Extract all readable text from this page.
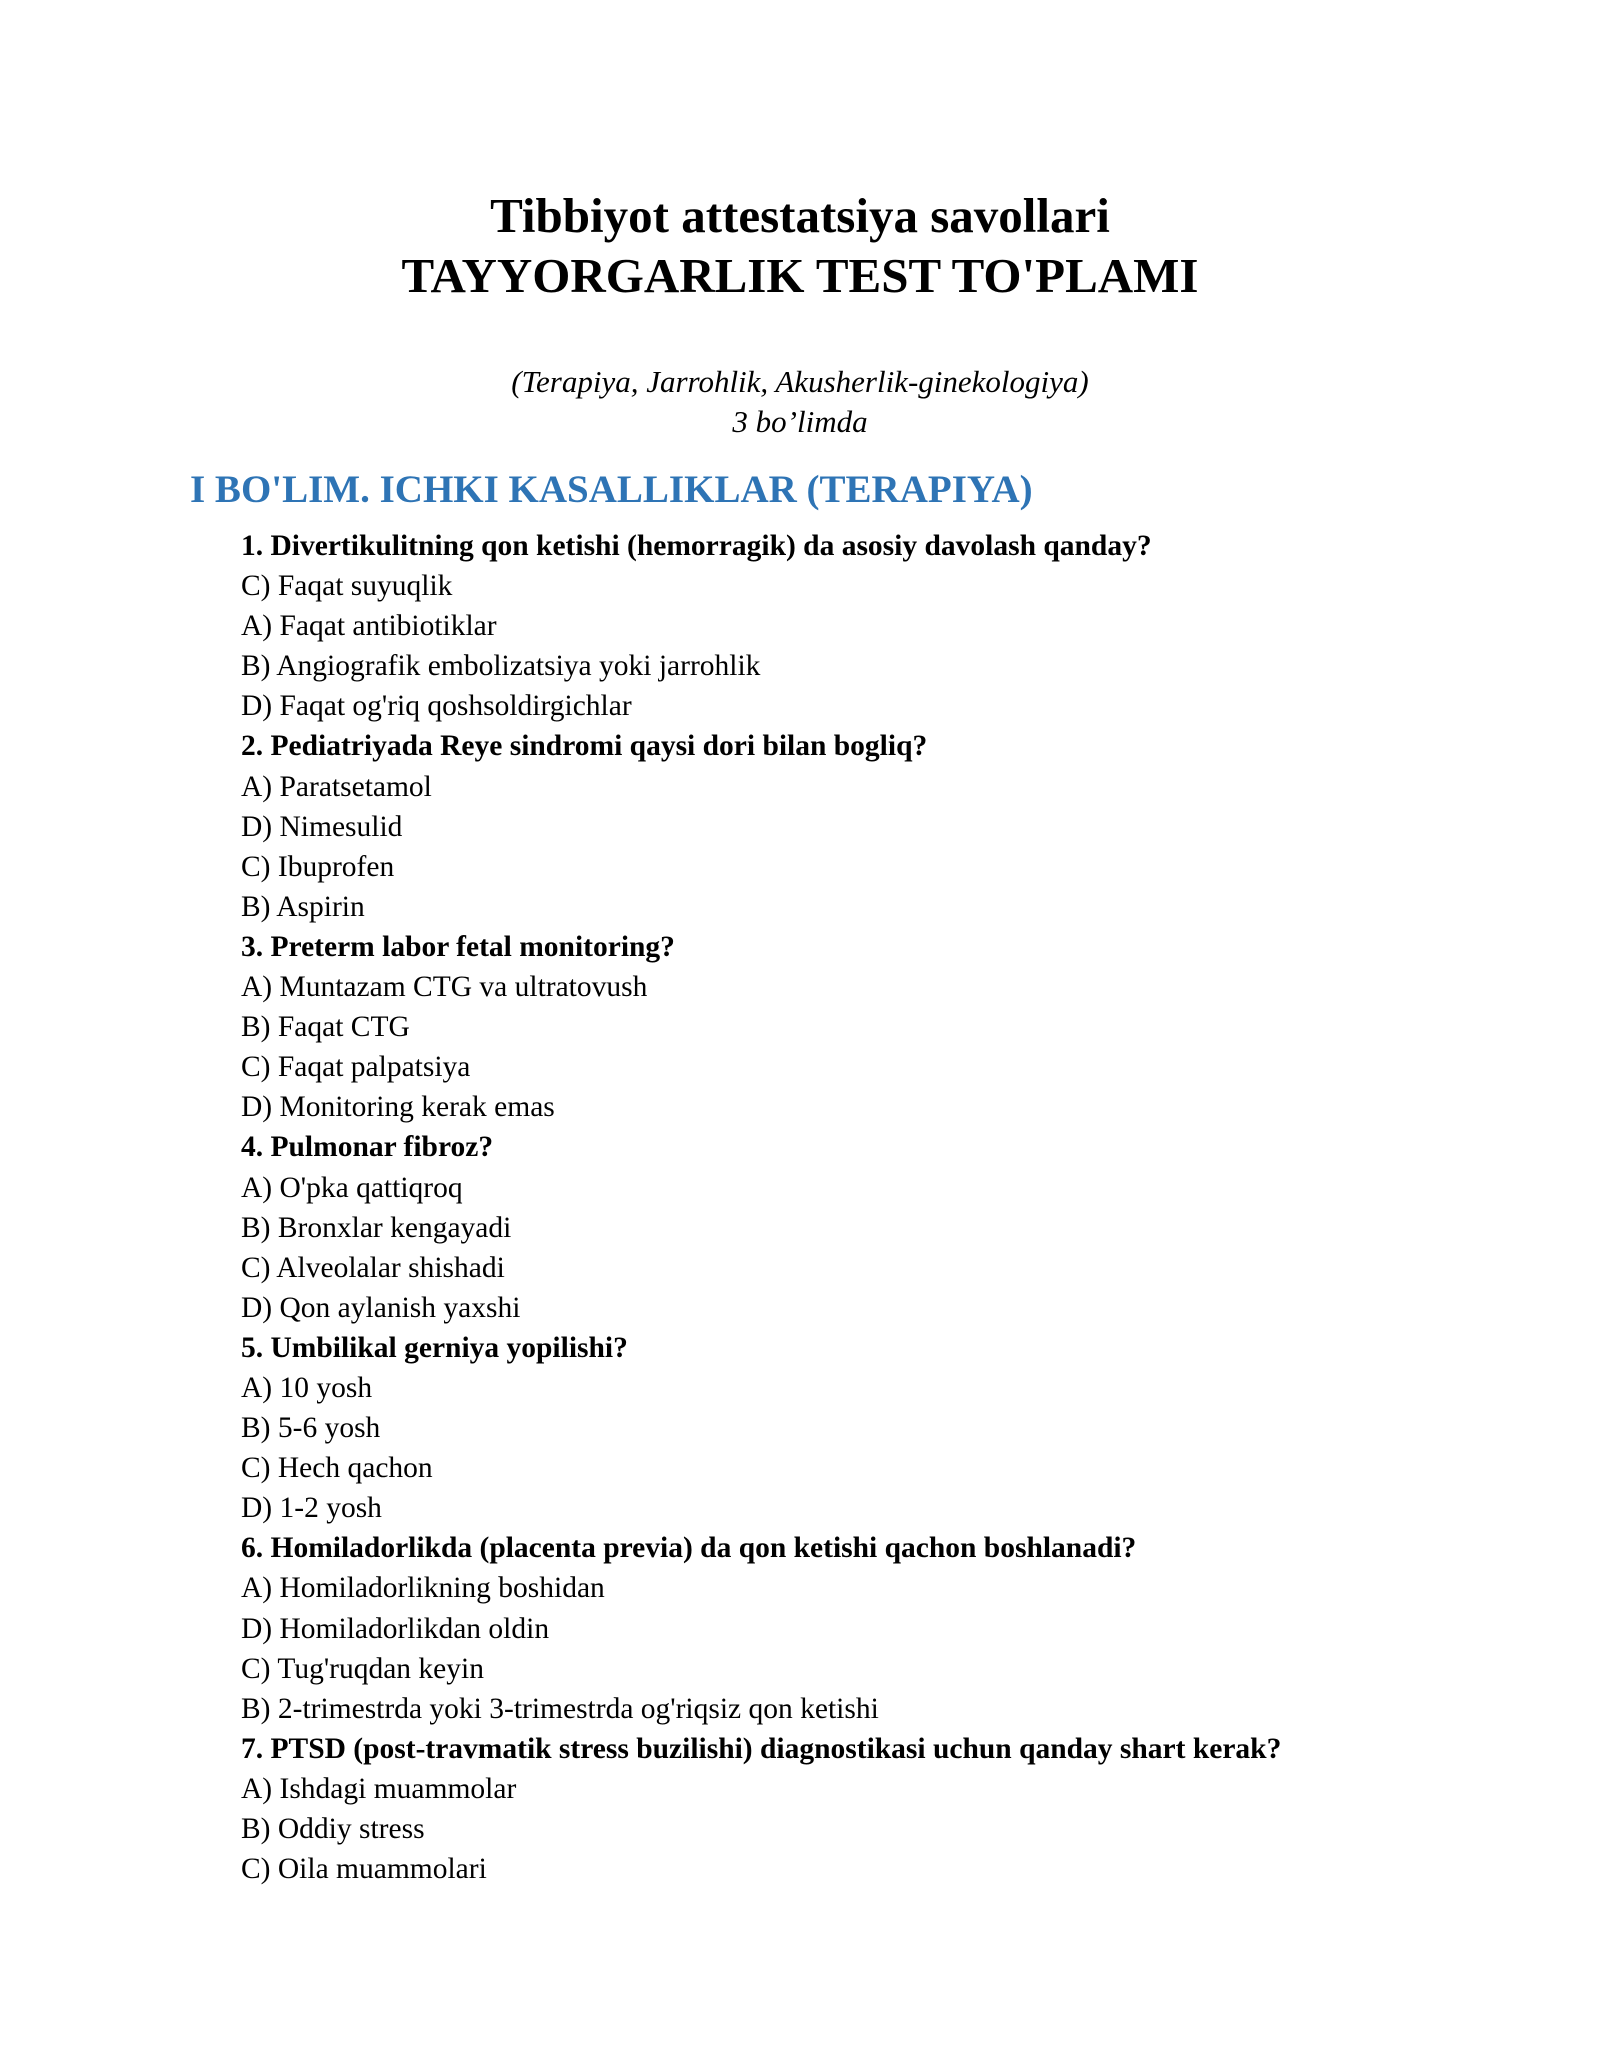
Tibbiyot attestatsiya savollari

TAYYORGARLIK TEST TO'PLAMI

(Terapiya, Jarrohlik, Akusherlik-ginekologiya)

3 bo’limda

I BO'LIM. ICHKI KASALLIKLAR (TERAPIYA)

1. Divertikulitning qon ketishi (hemorragik) da asosiy davolash qanday?

C) Faqat suyuqlik

A) Faqat antibiotiklar

B) Angiografik embolizatsiya yoki jarrohlik

D) Faqat og'riq qoshsoldirgichlar

2. Pediatriyada Reye sindromi qaysi dori bilan bogliq?

A) Paratsetamol

D) Nimesulid

C) Ibuprofen

B) Aspirin

3. Preterm labor fetal monitoring?

A) Muntazam CTG va ultratovush

B) Faqat CTG

C) Faqat palpatsiya

D) Monitoring kerak emas

4. Pulmonar fibroz?

A) O'pka qattiqroq

B) Bronxlar kengayadi

C) Alveolalar shishadi

D) Qon aylanish yaxshi

5. Umbilikal gerniya yopilishi?

A) 10 yosh

B) 5-6 yosh

C) Hech qachon

D) 1-2 yosh

6. Homiladorlikda (placenta previa) da qon ketishi qachon boshlanadi?

A) Homiladorlikning boshidan

D) Homiladorlikdan oldin

C) Tug'ruqdan keyin

B) 2-trimestrda yoki 3-trimestrda og'riqsiz qon ketishi

7. PTSD (post-travmatik stress buzilishi) diagnostikasi uchun qanday shart kerak?

A) Ishdagi muammolar

B) Oddiy stress

C) Oila muammolari
